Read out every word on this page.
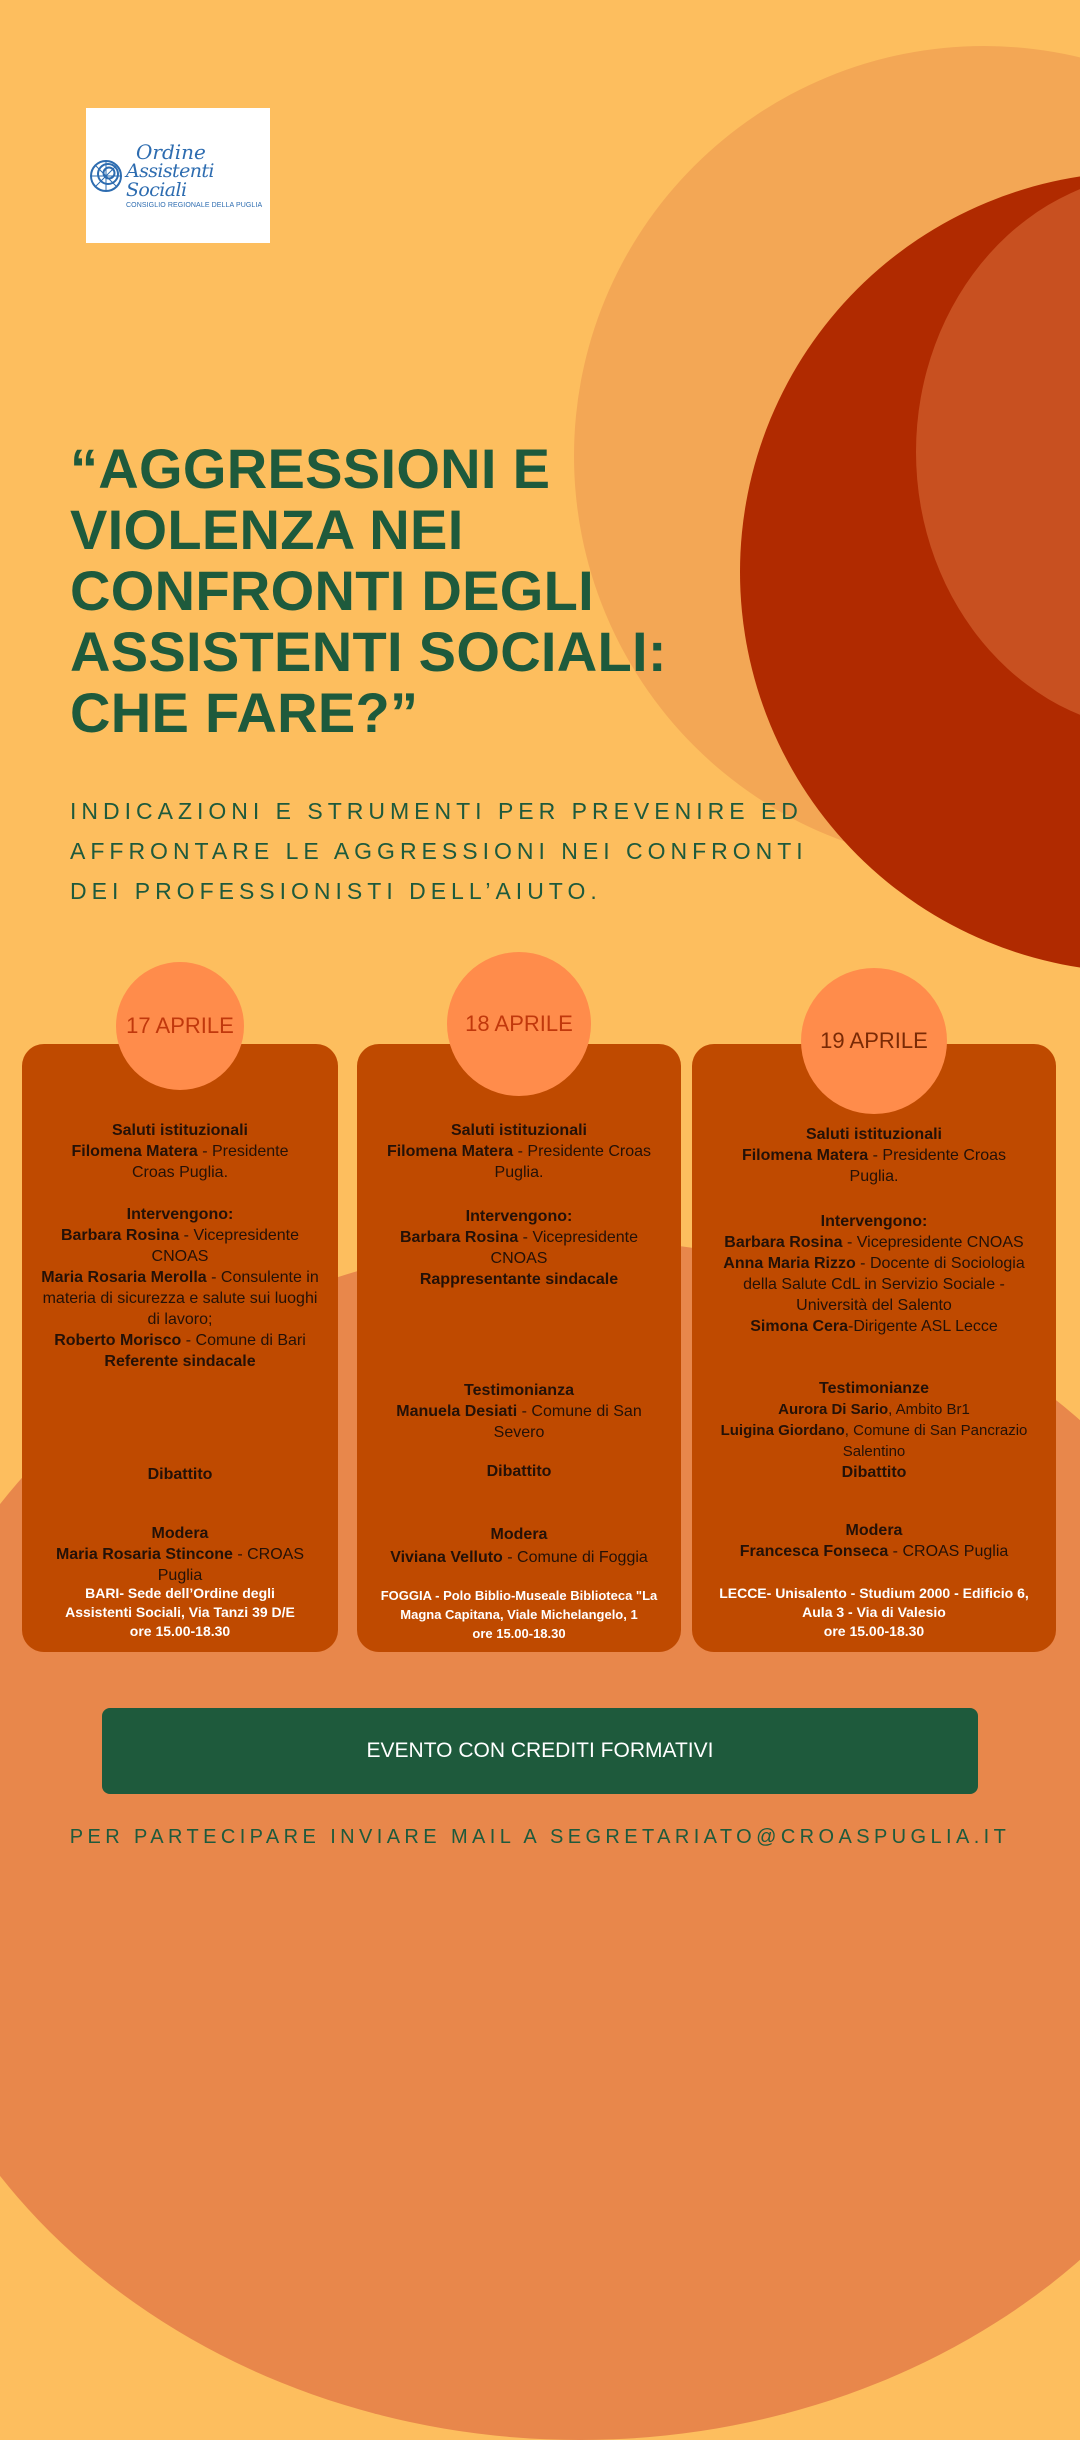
Ordine
Assistenti Sociali
CONSIGLIO REGIONALE DELLA PUGLIA
“AGGRESSIONI E
VIOLENZA NEI
CONFRONTI DEGLI
ASSISTENTI SOCIALI:
CHE FARE?”

INDICAZIONI E STRUMENTI PER PREVENIRE ED
AFFRONTARE LE AGGRESSIONI NEI CONFRONTI
DEI PROFESSIONISTI DELL’AIUTO.

Saluti istituzionali

Filomena Matera - Presidente
Croas Puglia.

Intervengono:

Barbara Rosina - Vicepresidente
CNOAS

Maria Rosaria Merolla - Consulente in
materia di sicurezza e salute sui luoghi
di lavoro;

Roberto Morisco - Comune di Bari

Referente sindacale

Dibattito

Modera

Maria Rosaria Stincone - CROAS
Puglia

BARI- Sede dell’Ordine degli
Assistenti Sociali, Via Tanzi 39 D/E
ore 15.00-18.30
17 APRILE

Saluti istituzionali

Filomena Matera - Presidente Croas
Puglia.

Intervengono:

Barbara Rosina - Vicepresidente
CNOAS

Rappresentante sindacale

Testimonianza

Manuela Desiati - Comune di San
Severo

Dibattito

Modera

Viviana Velluto - Comune di Foggia

FOGGIA - Polo Biblio-Museale Biblioteca "La
Magna Capitana, Viale Michelangelo, 1
ore 15.00-18.30
18 APRILE

Saluti istituzionali

Filomena Matera - Presidente Croas
Puglia.

Intervengono:

Barbara Rosina - Vicepresidente CNOAS

Anna Maria Rizzo - Docente di Sociologia
della Salute CdL in Servizio Sociale -
Università del Salento

Simona Cera-Dirigente ASL Lecce

Testimonianze

Aurora Di Sario, Ambito Br1

Luigina Giordano, Comune di San Pancrazio
Salentino

Dibattito

Modera

Francesca Fonseca - CROAS Puglia

LECCE- Unisalento - Studium 2000 - Edificio 6,
Aula 3 - Via di Valesio
ore 15.00-18.30
19 APRILE
EVENTO CON CREDITI FORMATIVI
PER PARTECIPARE INVIARE MAIL A SEGRETARIATO@CROASPUGLIA.IT
